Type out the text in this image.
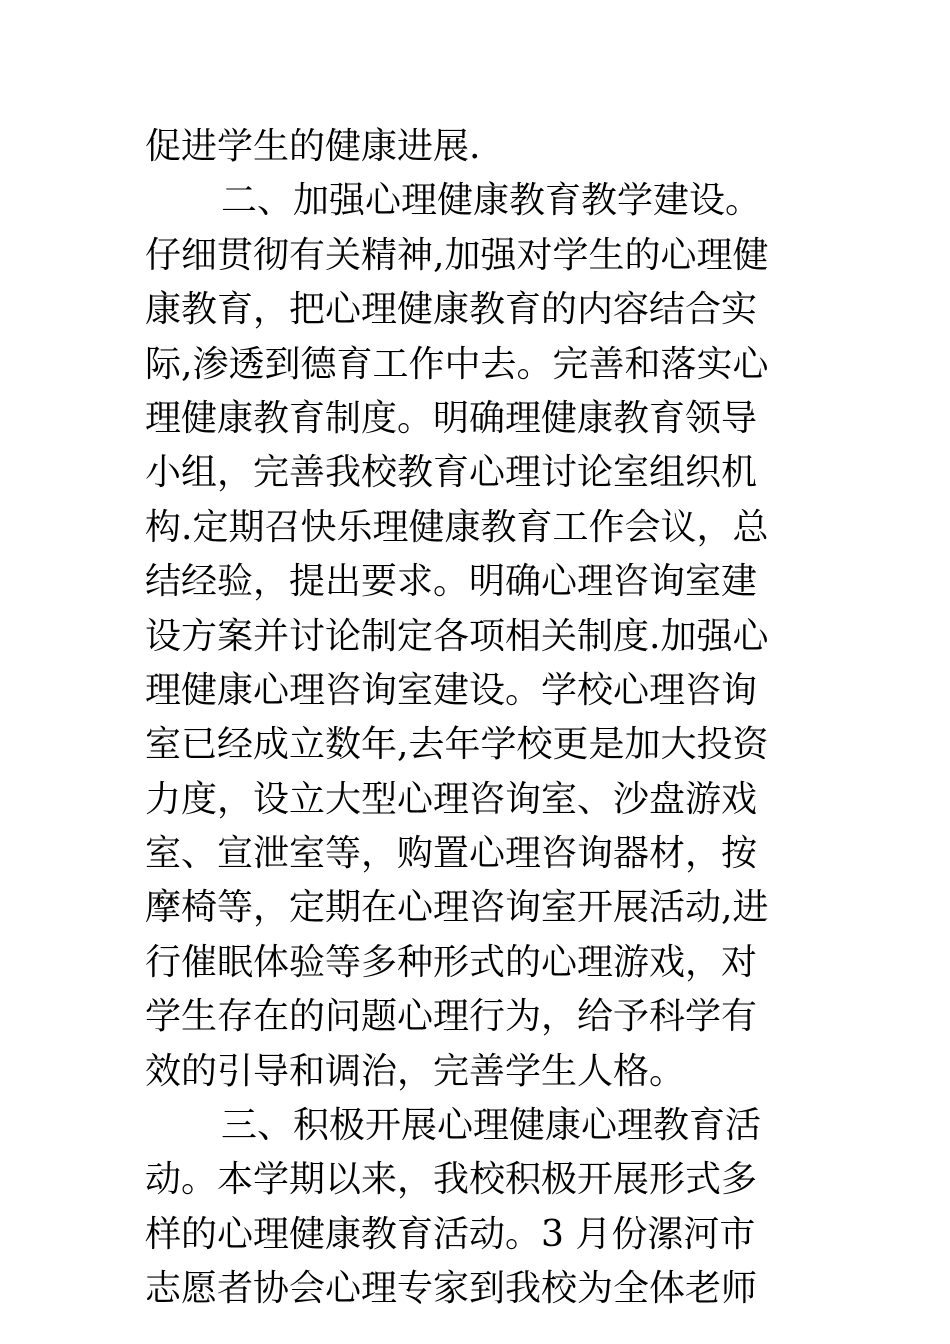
促进学生的健康进展.
二、加强心理健康教育教学建设。
仔细贯彻有关精神,加强对学生的心理健
康教育，把心理健康教育的内容结合实
际,渗透到德育工作中去。完善和落实心
理健康教育制度。明确理健康教育领导
小组，完善我校教育心理讨论室组织机
构.定期召快乐理健康教育工作会议，总
结经验，提出要求。明确心理咨询室建
设方案并讨论制定各项相关制度.加强心
理健康心理咨询室建设。学校心理咨询
室已经成立数年,去年学校更是加大投资
力度，设立大型心理咨询室、沙盘游戏
室、宣泄室等，购置心理咨询器材，按
摩椅等，定期在心理咨询室开展活动,进
行催眠体验等多种形式的心理游戏，对
学生存在的问题心理行为，给予科学有
效的引导和调治，完善学生人格。
三、积极开展心理健康心理教育活
动。本学期以来，我校积极开展形式多
样的心理健康教育活动。3 月份漯河市
志愿者协会心理专家到我校为全体老师
